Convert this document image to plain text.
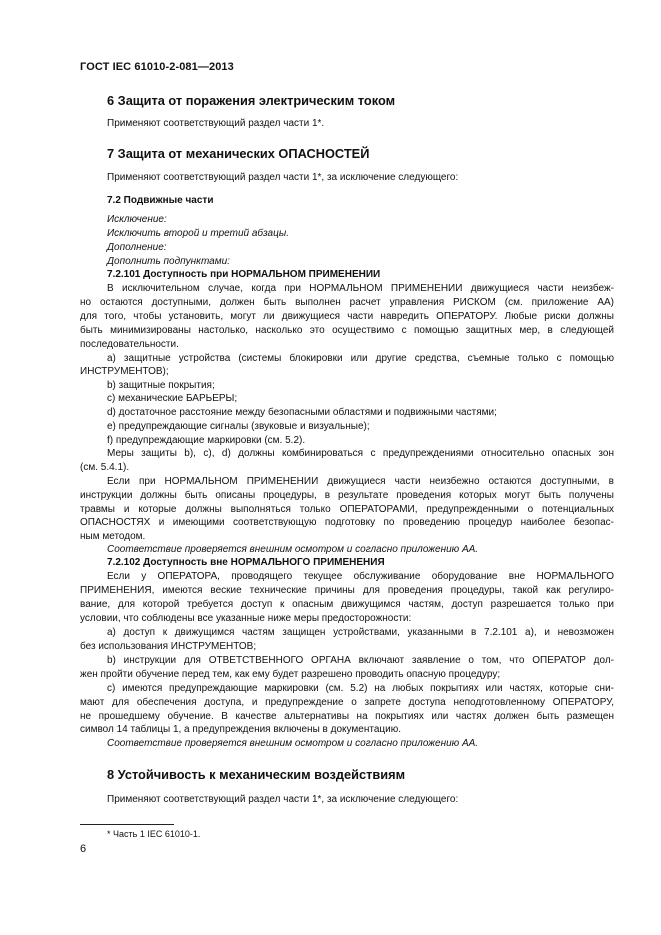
ГОСТ IEC 61010-2-081—2013
6 Защита от поражения электрическим током
Применяют соответствующий раздел части 1*.
7 Защита от механических ОПАСНОСТЕЙ
Применяют соответствующий раздел части 1*, за исключение следующего:
7.2 Подвижные части
Исключение:
Исключить второй и третий абзацы.
Дополнение:
Дополнить подпунктами:
7.2.101 Доступность при НОРМАЛЬНОМ ПРИМЕНЕНИИ
В исключительном случае, когда при НОРМАЛЬНОМ ПРИМЕНЕНИИ движущиеся части неизбеж-
но остаются доступными, должен быть выполнен расчет управления РИСКОМ (см. приложение АА)
для того, чтобы установить, могут ли движущиеся части навредить ОПЕРАТОРУ. Любые риски должны
быть минимизированы настолько, насколько это осуществимо с помощью защитных мер, в следующей
последовательности.
a) защитные устройства (системы блокировки или другие средства, съемные только с помощью
ИНСТРУМЕНТОВ);
b) защитные покрытия;
c) механические БАРЬЕРЫ;
d) достаточное расстояние между безопасными областями и подвижными частями;
e) предупреждающие сигналы (звуковые и визуальные);
f) предупреждающие маркировки (см. 5.2).
Меры защиты b), c), d) должны комбинироваться с предупреждениями относительно опасных зон
(см. 5.4.1).
Если при НОРМАЛЬНОМ ПРИМЕНЕНИИ движущиеся части неизбежно остаются доступными, в
инструкции должны быть описаны процедуры, в результате проведения которых могут быть получены
травмы и которые должны выполняться только ОПЕРАТОРАМИ, предупрежденными о потенциальных
ОПАСНОСТЯХ и имеющими соответствующую подготовку по проведению процедур наиболее безопас-
ным методом.
Соответствие проверяется внешним осмотром и согласно приложению АА.
7.2.102 Доступность вне НОРМАЛЬНОГО ПРИМЕНЕНИЯ
Если у ОПЕРАТОРА, проводящего текущее обслуживание оборудование вне НОРМАЛЬНОГО
ПРИМЕНЕНИЯ, имеются веские технические причины для проведения процедуры, такой как регулиро-
вание, для которой требуется доступ к опасным движущимся частям, доступ разрешается только при
условии, что соблюдены все указанные ниже меры предосторожности:
a) доступ к движущимся частям защищен устройствами, указанными в 7.2.101 a), и невозможен
без использования ИНСТРУМЕНТОВ;
b) инструкции для ОТВЕТСТВЕННОГО ОРГАНА включают заявление о том, что ОПЕРАТОР дол-
жен пройти обучение перед тем, как ему будет разрешено проводить опасную процедуру;
c) имеются предупреждающие маркировки (см. 5.2) на любых покрытиях или частях, которые сни-
мают для обеспечения доступа, и предупреждение о запрете доступа неподготовленному ОПЕРАТОРУ,
не прошедшему обучение. В качестве альтернативы на покрытиях или частях должен быть размещен
символ 14 таблицы 1, а предупреждения включены в документацию.
Соответствие проверяется внешним осмотром и согласно приложению АА.
8 Устойчивость к механическим воздействиям
Применяют соответствующий раздел части 1*, за исключение следующего:
* Часть 1 IEC 61010-1.
6
